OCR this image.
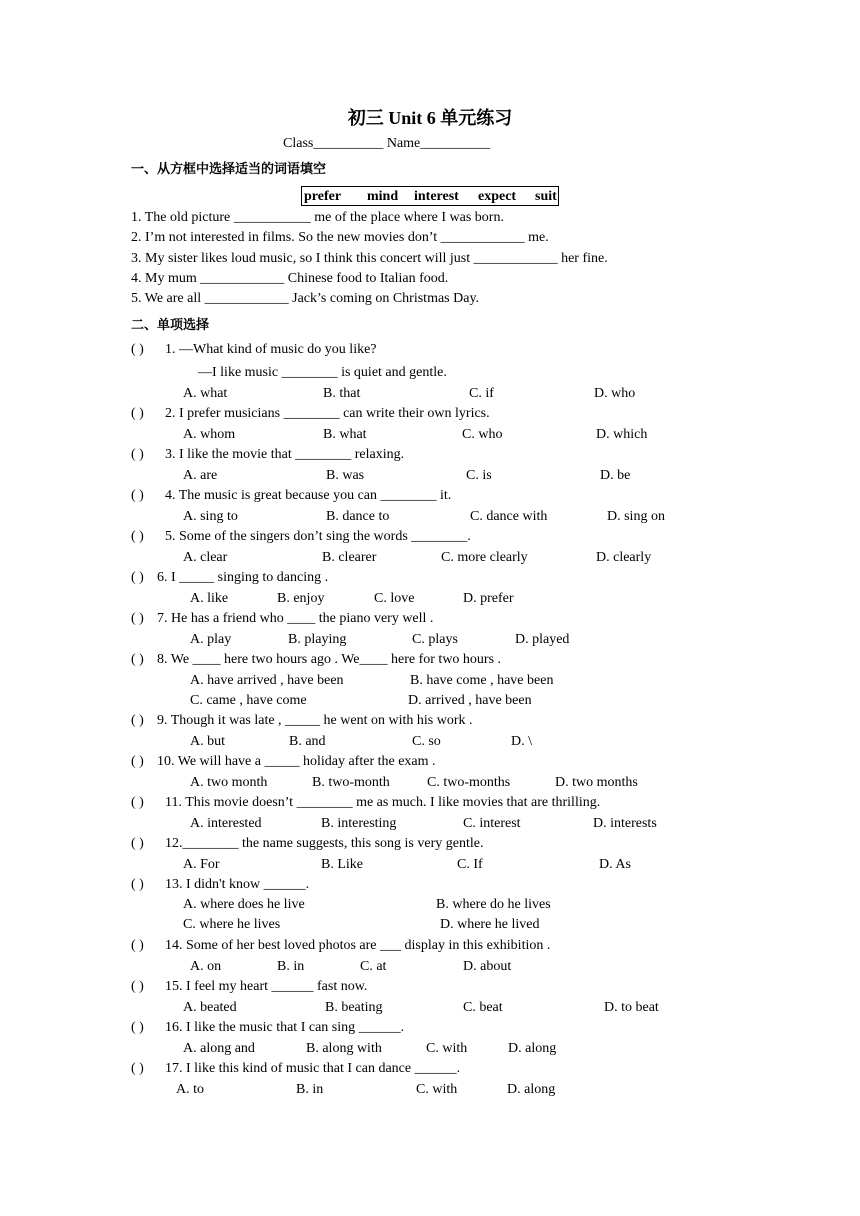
初三 Unit 6 单元练习
Class__________ Name__________
一、从方框中选择适当的词语填空
prefer mind interest expect suit
1. The old picture ___________ me of the place where I was born.
2. I’m not interested in films. So the new movies don’t ____________ me.
3. My sister likes loud music, so I think this concert will just ____________ her fine.
4. My mum ____________ Chinese food to Italian food.
5. We are all ____________ Jack’s coming on Christmas Day.
二、单项选择
( ) 1. —What kind of music do you like?
—I like music ________ is quiet and gentle.
A. what	B. that	C. if	D. who
( ) 2. I prefer musicians ________ can write their own lyrics.
A. whom	B. what	C. who	D. which
( ) 3. I like the movie that ________ relaxing.
A. are	B. was	C. is	D. be
( ) 4. The music is great because you can ________ it.
A. sing to	B. dance to	C. dance with	D. sing on
( ) 5. Some of the singers don’t sing the words ________.
A. clear	B. clearer	C. more clearly	D. clearly
( ) 6. I _____ singing to dancing .
A. like	B. enjoy	C. love	D. prefer
( ) 7. He has a friend who ____ the piano very well .
A. play	B. playing	C. plays	D. played
( ) 8. We ____ here two hours ago . We____ here for two hours .
A. have arrived , have been	B. have come , have been
C. came , have come	D. arrived , have been
( ) 9. Though it was late , _____ he went on with his work .
A. but	B. and	C. so	D. \
( ) 10. We will have a _____ holiday after the exam .
A. two month	B. two-month	C. two-months	D. two months
( ) 11. This movie doesn’t ________ me as much. I like movies that are thrilling.
A. interested	B. interesting	C. interest	D. interests
( ) 12.________ the name suggests, this song is very gentle.
A. For	B. Like	C. If	D. As
( ) 13. I didn't know ______.
A. where does he live	B. where do he lives
C. where he lives	D. where he lived
( ) 14. Some of her best loved photos are ___ display in this exhibition .
A. on	B. in	C. at	D. about
( ) 15. I feel my heart ______ fast now.
A. beated	B. beating	C. beat	D. to beat
( ) 16. I like the music that I can sing ______.
A. along and	B. along with	C. with	D. along
( ) 17. I like this kind of music that I can dance ______.
A. to	B. in	C. with	D. along
